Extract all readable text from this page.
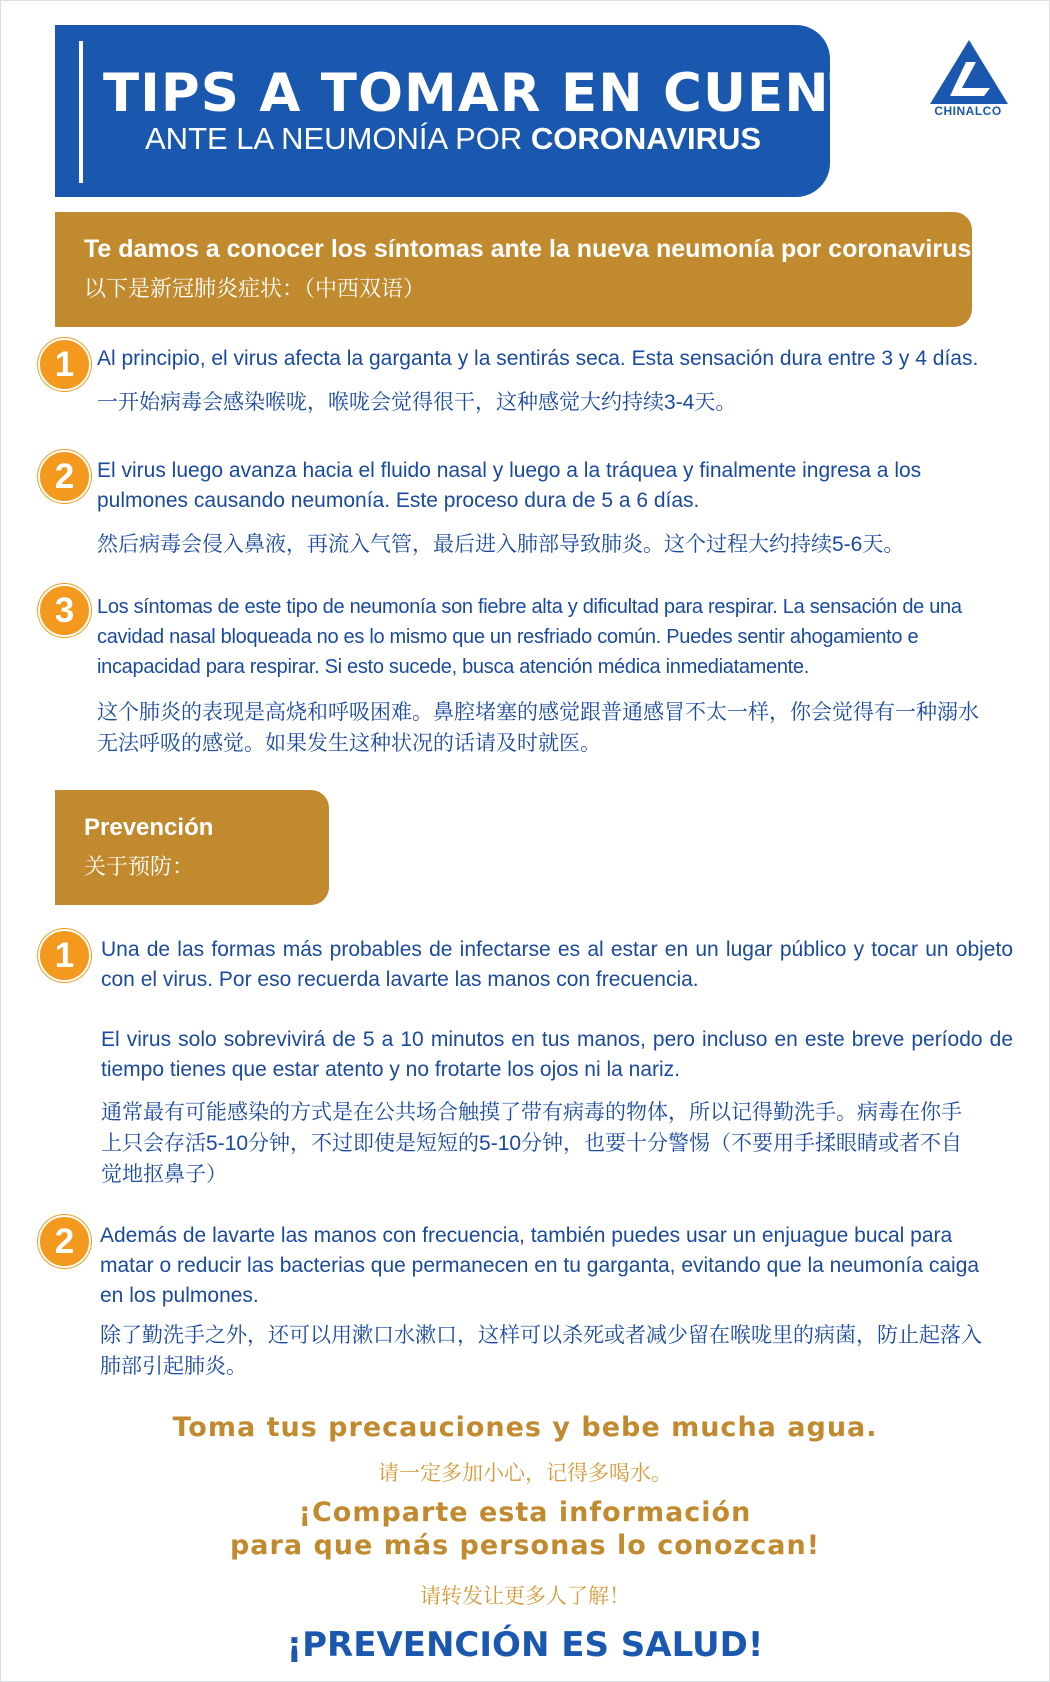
TIPS A TOMAR EN CUENTA

ANTE LA NEUMONÍA POR CORONAVIRUS

CHINALCO
Te damos a conocer los síntomas ante la nueva neumonía por coronavirus
以下是新冠肺炎症状：（中西双语）
1	Al principio, el virus afecta la garganta y la sentirás seca. Esta sensación dura entre 3 y 4 días.

一开始病毒会感染喉咙，喉咙会觉得很干，这种感觉大约持续3-4天。

2	El virus luego avanza hacia el fluido nasal y luego a la tráquea y finalmente ingresa a los pulmones causando neumonía. Este proceso dura de 5 a 6 días.

然后病毒会侵入鼻液，再流入气管，最后进入肺部导致肺炎。这个过程大约持续5-6天。

3	Los síntomas de este tipo de neumonía son fiebre alta y dificultad para respirar. La sensación de una cavidad nasal bloqueada no es lo mismo que un resfriado común. Puedes sentir ahogamiento e incapacidad para respirar. Si esto sucede, busca atención médica inmediatamente.

这个肺炎的表现是高烧和呼吸困难。鼻腔堵塞的感觉跟普通感冒不太一样，你会觉得有一种溺水无法呼吸的感觉。如果发生这种状况的话请及时就医。

Prevención
关于预防：
1	Una de las formas más probables de infectarse es al estar en un lugar público y tocar un objeto con el virus. Por eso recuerda lavarte las manos con frecuencia.

El virus solo sobrevivirá de 5 a 10 minutos en tus manos, pero incluso en este breve período de tiempo tienes que estar atento y no frotarte los ojos ni la nariz.

通常最有可能感染的方式是在公共场合触摸了带有病毒的物体，所以记得勤洗手。病毒在你手上只会存活5-10分钟，不过即使是短短的5-10分钟，也要十分警惕（不要用手揉眼睛或者不自觉地抠鼻子）

2	Además de lavarte las manos con frecuencia, también puedes usar un enjuague bucal para matar o reducir las bacterias que permanecen en tu garganta, evitando que la neumonía caiga en los pulmones.

除了勤洗手之外，还可以用漱口水漱口，这样可以杀死或者减少留在喉咙里的病菌，防止起落入肺部引起肺炎。

Toma tus precauciones y bebe mucha agua.

请一定多加小心，记得多喝水。

¡Comparte esta información

para que más personas lo conozcan!

请转发让更多人了解！

¡PREVENCIÓN ES SALUD!
